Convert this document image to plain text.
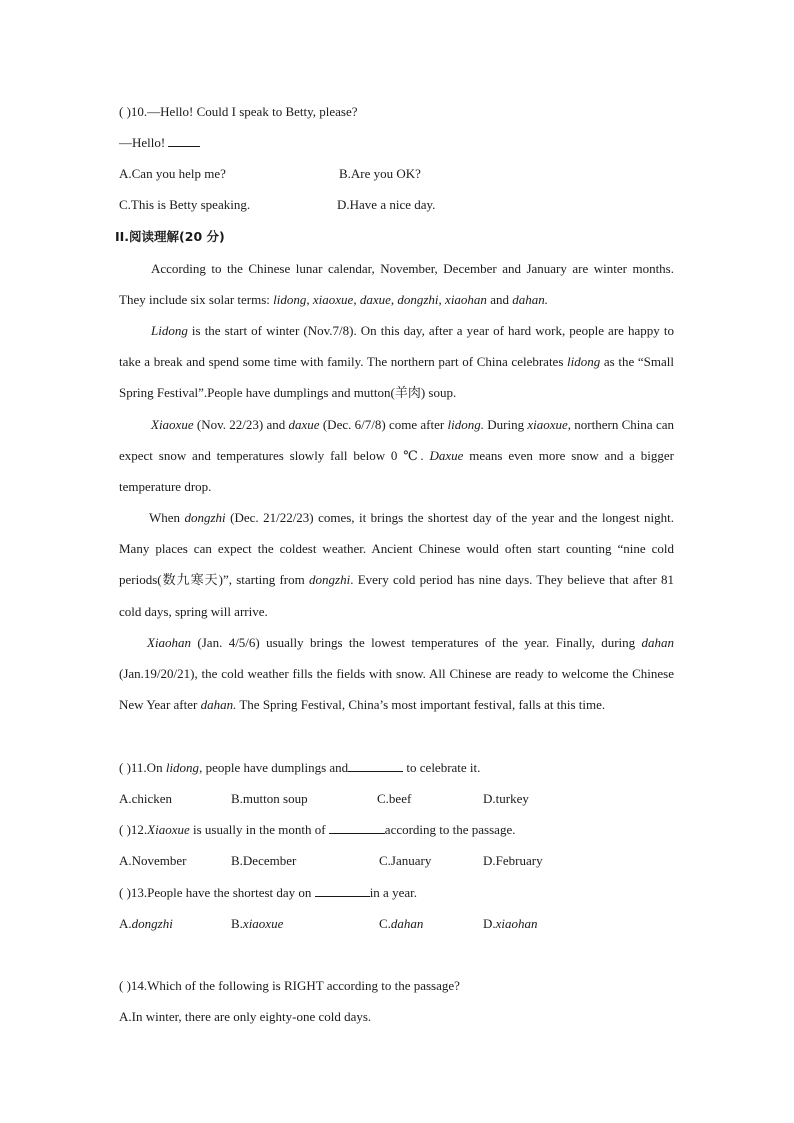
( )10.—Hello! Could I speak to Betty, please?
—Hello!
A.Can you help me?	B.Are you OK?
C.This is Betty speaking.	D.Have a nice day.
II.阅读理解(20 分)
According to the Chinese lunar calendar, November, December and January are winter months. They include six solar terms: lidong, xiaoxue, daxue, dongzhi, xiaohan and dahan.
Lidong is the start of winter (Nov.7/8). On this day, after a year of hard work, people are happy to take a break and spend some time with family. The northern part of China celebrates lidong as the “Small Spring Festival”.People have dumplings and mutton(羊肉) soup.
Xiaoxue (Nov. 22/23) and daxue (Dec. 6/7/8) come after lidong. During xiaoxue, northern China can expect snow and temperatures slowly fall below 0 ℃. Daxue means even more snow and a bigger temperature drop.
When dongzhi (Dec. 21/22/23) comes, it brings the shortest day of the year and the longest night. Many places can expect the coldest weather. Ancient Chinese would often start counting “nine cold periods(数九寒天)”, starting from dongzhi. Every cold period has nine days. They believe that after 81 cold days, spring will arrive.
Xiaohan (Jan. 4/5/6) usually brings the lowest temperatures of the year. Finally, during dahan (Jan.19/20/21), the cold weather fills the fields with snow. All Chinese are ready to welcome the Chinese New Year after dahan. The Spring Festival, China’s most important festival, falls at this time.
( )11.On lidong, people have dumplings and	to celebrate it.
A.chicken	B.mutton soup	C.beef	D.turkey
( )12.Xiaoxue is usually in the month of	according to the passage.
A.November	B.December	C.January	D.February
( )13.People have the shortest day on	in a year.
A.dongzhi	B.xiaoxue	C.dahan	D.xiaohan
( )14.Which of the following is RIGHT according to the passage?
A.In winter, there are only eighty-one cold days.
